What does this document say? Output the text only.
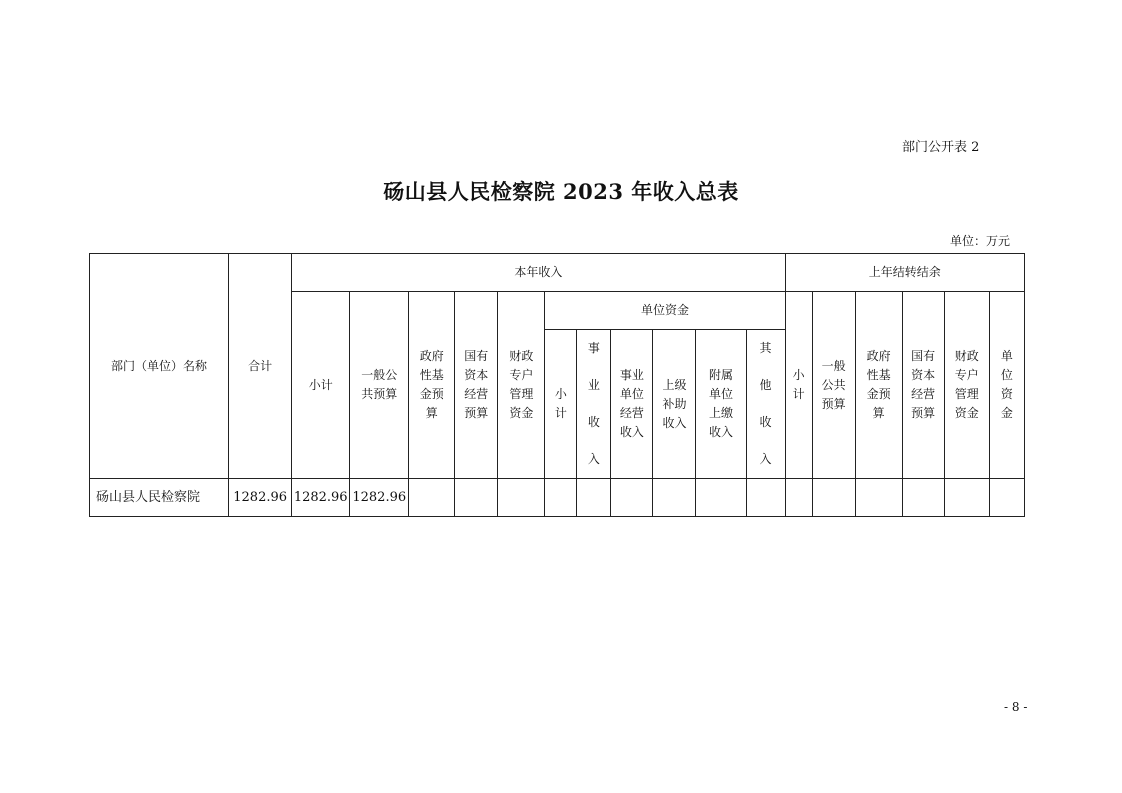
部门公开表 2
砀山县人民检察院 2023 年收入总表
单位：万元
部门（单位）名称	合计	本年收入											上年结转结余					
		小计	一般公共预算	政府性基金预算	国有资本经营预算	财政专户管理资金	单位资金						小计	一般公共预算	政府性基金预算	国有资本经营预算	财政专户管理资金	单位资金
							小计	事业收入	事业单位经营收入	上级补助收入	附属单位上缴收入	其他收入						
砀山县人民检察院	1282.96	1282.96	1282.96															
- 8 -
